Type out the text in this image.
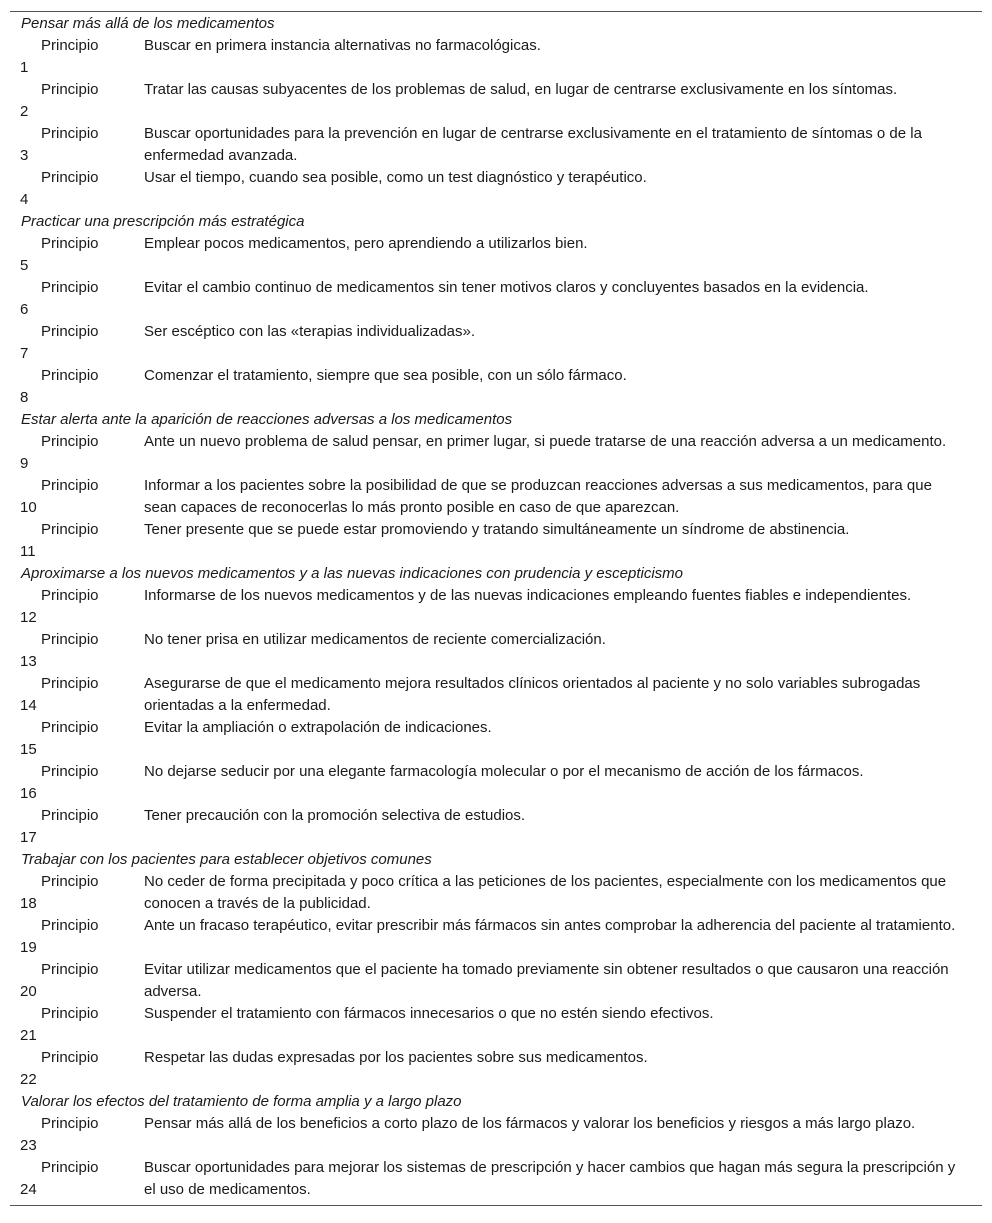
Pensar más allá de los medicamentos
Principio
1
Buscar en primera instancia alternativas no farmacológicas.
Principio
2
Tratar las causas subyacentes de los problemas de salud, en lugar de centrarse exclusivamente en los síntomas.
Principio
3
Buscar oportunidades para la prevención en lugar de centrarse exclusivamente en el tratamiento de síntomas o de la enfermedad avanzada.
Principio
4
Usar el tiempo, cuando sea posible, como un test diagnóstico y terapéutico.
Practicar una prescripción más estratégica
Principio
5
Emplear pocos medicamentos, pero aprendiendo a utilizarlos bien.
Principio
6
Evitar el cambio continuo de medicamentos sin tener motivos claros y concluyentes basados en la evidencia.
Principio
7
Ser escéptico con las «terapias individualizadas».
Principio
8
Comenzar el tratamiento, siempre que sea posible, con un sólo fármaco.
Estar alerta ante la aparición de reacciones adversas a los medicamentos
Principio
9
Ante un nuevo problema de salud pensar, en primer lugar, si puede tratarse de una reacción adversa a un medicamento.
Principio
10
Informar a los pacientes sobre la posibilidad de que se produzcan reacciones adversas a sus medicamentos, para que sean capaces de reconocerlas lo más pronto posible en caso de que aparezcan.
Principio
11
Tener presente que se puede estar promoviendo y tratando simultáneamente un síndrome de abstinencia.
Aproximarse a los nuevos medicamentos y a las nuevas indicaciones con prudencia y escepticismo
Principio
12
Informarse de los nuevos medicamentos y de las nuevas indicaciones empleando fuentes fiables e independientes.
Principio
13
No tener prisa en utilizar medicamentos de reciente comercialización.
Principio
14
Asegurarse de que el medicamento mejora resultados clínicos orientados al paciente y no solo variables subrogadas orientadas a la enfermedad.
Principio
15
Evitar la ampliación o extrapolación de indicaciones.
Principio
16
No dejarse seducir por una elegante farmacología molecular o por el mecanismo de acción de los fármacos.
Principio
17
Tener precaución con la promoción selectiva de estudios.
Trabajar con los pacientes para establecer objetivos comunes
Principio
18
No ceder de forma precipitada y poco crítica a las peticiones de los pacientes, especialmente con los medicamentos que conocen a través de la publicidad.
Principio
19
Ante un fracaso terapéutico, evitar prescribir más fármacos sin antes comprobar la adherencia del paciente al tratamiento.
Principio
20
Evitar utilizar medicamentos que el paciente ha tomado previamente sin obtener resultados o que causaron una reacción adversa.
Principio
21
Suspender el tratamiento con fármacos innecesarios o que no estén siendo efectivos.
Principio
22
Respetar las dudas expresadas por los pacientes sobre sus medicamentos.
Valorar los efectos del tratamiento de forma amplia y a largo plazo
Principio
23
Pensar más allá de los beneficios a corto plazo de los fármacos y valorar los beneficios y riesgos a más largo plazo.
Principio
24
Buscar oportunidades para mejorar los sistemas de prescripción y hacer cambios que hagan más segura la prescripción y el uso de medicamentos.
